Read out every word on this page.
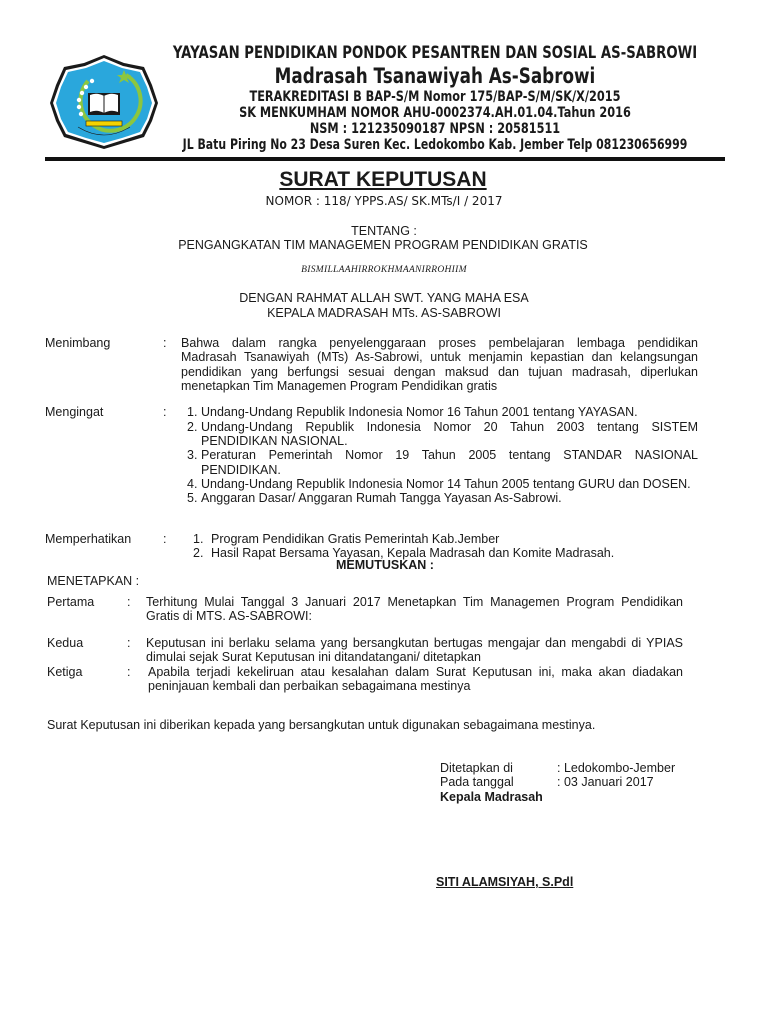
YAYASAN PENDIDIKAN PONDOK PESANTREN DAN SOSIAL AS-SABROWI
Madrasah Tsanawiyah As-Sabrowi
TERAKREDITASI B BAP-S/M Nomor 175/BAP-S/M/SK/X/2015
SK MENKUMHAM NOMOR AHU-0002374.AH.01.04.Tahun 2016
NSM : 121235090187 NPSN : 20581511
JL Batu Piring No 23 Desa Suren Kec. Ledokombo Kab. Jember Telp 081230656999
SURAT KEPUTUSAN
NOMOR : 118/ YPPS.AS/ SK.MTs/I / 2017
TENTANG :
PENGANGKATAN TIM MANAGEMEN PROGRAM PENDIDIKAN GRATIS
BISMILLAAHIRROKHMAANIRROHIIM
DENGAN RAHMAT ALLAH SWT. YANG MAHA ESA
KEPALA MADRASAH MTs. AS-SABROWI
Menimbang	: Bahwa dalam rangka penyelenggaraan proses pembelajaran lembaga pendidikan
Madrasah Tsanawiyah (MTs) As-Sabrowi, untuk menjamin kepastian dan kelangsungan
pendidikan yang berfungsi sesuai dengan maksud dan tujuan madrasah, diperlukan
menetapkan Tim Managemen Program Pendidikan gratis
Mengingat	: 1. Undang-Undang Republik Indonesia Nomor 16 Tahun 2001 tentang YAYASAN.
2. Undang-Undang Republik Indonesia Nomor 20 Tahun 2003 tentang SISTEM PENDIDIKAN NASIONAL.
3. Peraturan Pemerintah Nomor 19 Tahun 2005 tentang STANDAR NASIONAL PENDIDIKAN.
4. Undang-Undang Republik Indonesia Nomor 14 Tahun 2005 tentang GURU dan DOSEN.
5. Anggaran Dasar/ Anggaran Rumah Tangga Yayasan As-Sabrowi.
Memperhatikan	: 1. Program Pendidikan Gratis Pemerintah Kab.Jember
2. Hasil Rapat Bersama Yayasan, Kepala Madrasah dan Komite Madrasah.
MEMUTUSKAN :
MENETAPKAN :
Pertama	: Terhitung Mulai Tanggal 3 Januari 2017 Menetapkan Tim Managemen Program Pendidikan
Gratis di MTS. AS-SABROWI:
Kedua	: Keputusan ini berlaku selama yang bersangkutan bertugas mengajar dan mengabdi di YPIAS
dimulai sejak Surat Keputusan ini ditandatangani/ ditetapkan
Ketiga	: Apabila terjadi kekeliruan atau kesalahan dalam Surat Keputusan ini, maka akan diadakan
peninjauan kembali dan perbaikan sebagaimana mestinya
Surat Keputusan ini diberikan kepada yang bersangkutan untuk digunakan sebagaimana mestinya.
Ditetapkan di	: Ledokombo-Jember
Pada tanggal	: 03 Januari 2017
Kepala Madrasah
SITI ALAMSIYAH, S.Pdl
